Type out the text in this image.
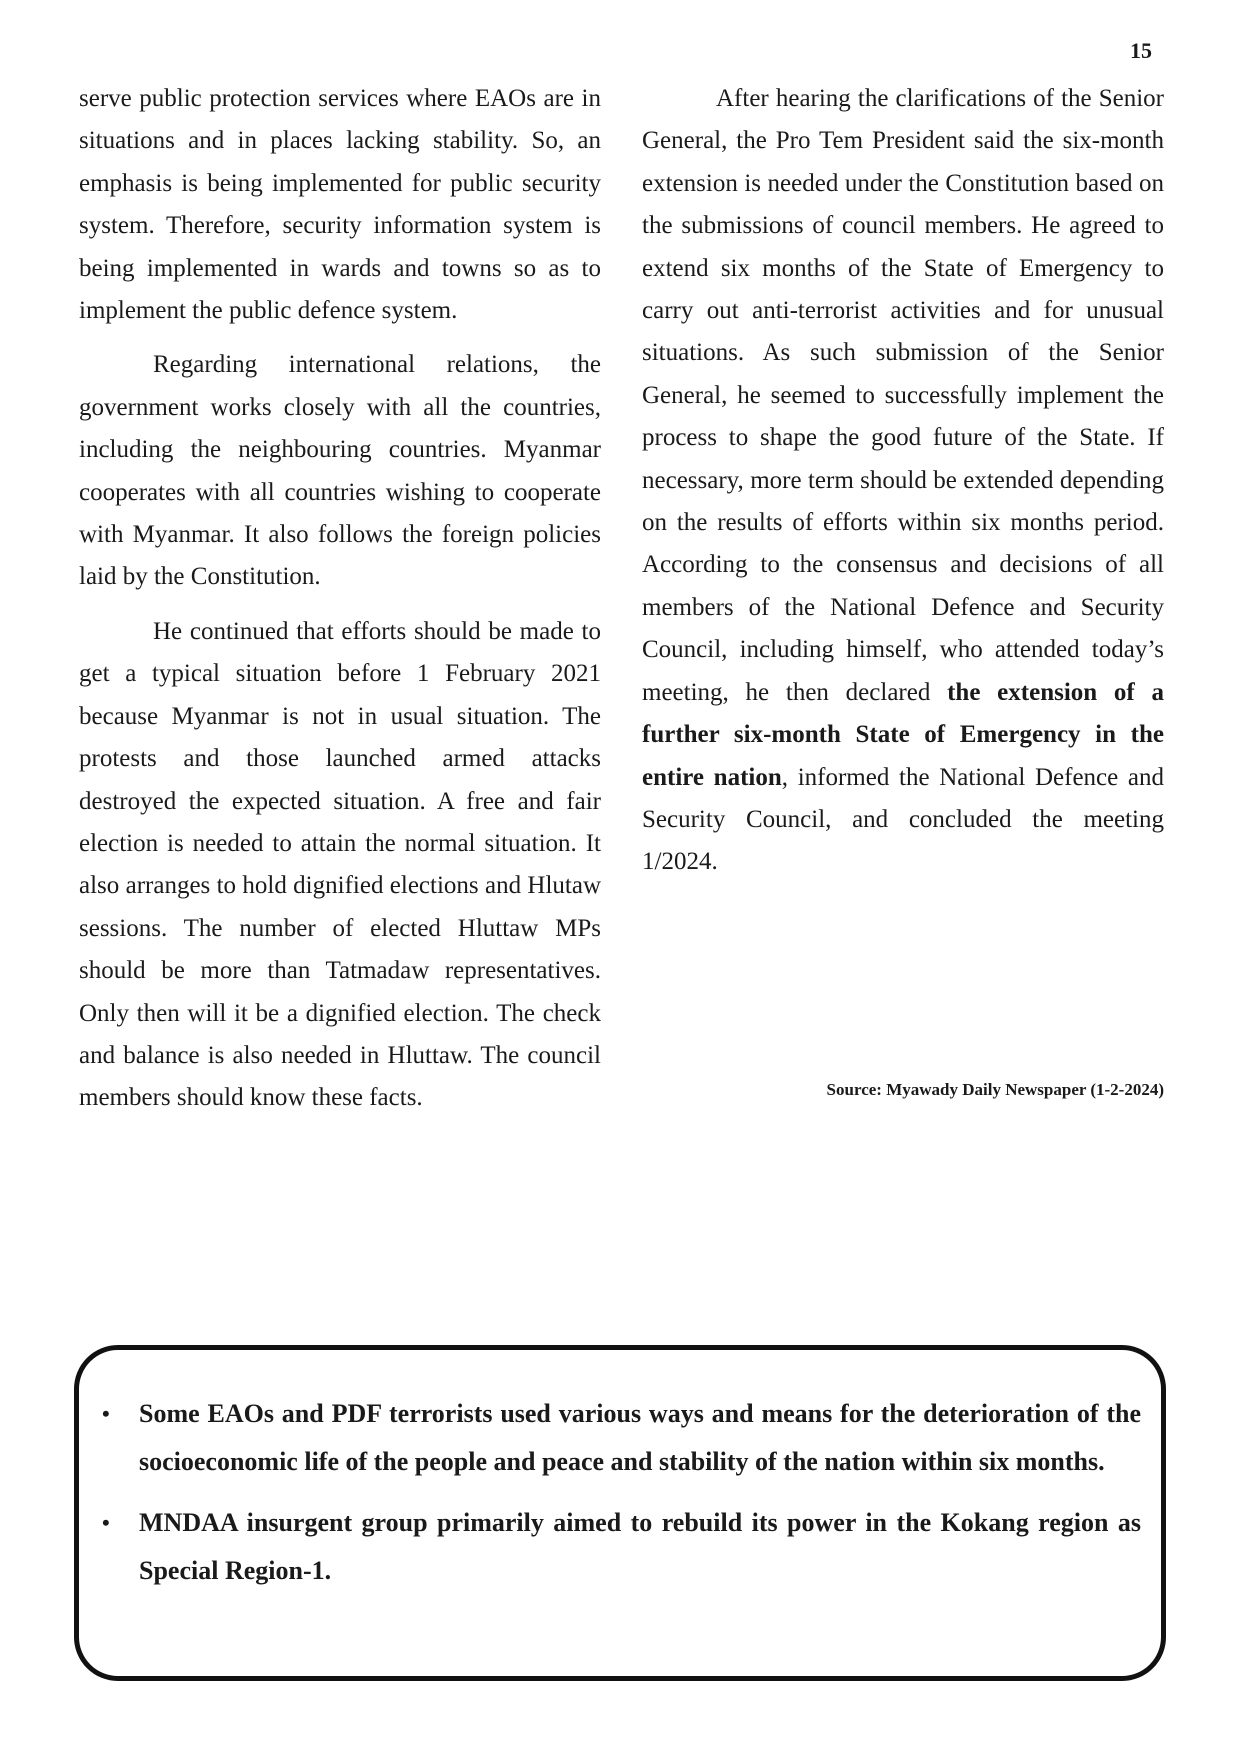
15

serve public protection services where EAOs are in situations and in places lacking stability. So, an emphasis is being implemented for public security system. Therefore, security information system is being implemented in wards and towns so as to implement the public defence system.

Regarding international relations, the government works closely with all the countries, including the neighbouring countries. Myanmar cooperates with all countries wishing to cooperate with Myanmar. It also follows the foreign policies laid by the Constitution.

He continued that efforts should be made to get a typical situation before 1 February 2021 because Myanmar is not in usual situation. The protests and those launched armed attacks destroyed the expected situation. A free and fair election is needed to attain the normal situation. It also arranges to hold dignified elections and Hlutaw sessions. The number of elected Hluttaw MPs should be more than Tatmadaw representatives. Only then will it be a dignified election. The check and balance is also needed in Hluttaw. The council members should know these facts.

After hearing the clarifications of the Senior General, the Pro Tem President said the six-month extension is needed under the Constitution based on the submissions of council members. He agreed to extend six months of the State of Emergency to carry out anti-terrorist activities and for unusual situations. As such submission of the Senior General, he seemed to successfully implement the process to shape the good future of the State. If necessary, more term should be extended depending on the results of efforts within six months period. According to the consensus and decisions of all members of the National Defence and Security Council, including himself, who attended today’s meeting, he then declared the extension of a further six-month State of Emergency in the entire nation, informed the National Defence and Security Council, and concluded the meeting 1/2024.

Source: Myawady Daily Newspaper (1-2-2024)
• Some EAOs and PDF terrorists used various ways and means for the deterioration of the socioeconomic life of the people and peace and stability of the nation within six months.
• MNDAA insurgent group primarily aimed to rebuild its power in the Kokang region as Special Region-1.
